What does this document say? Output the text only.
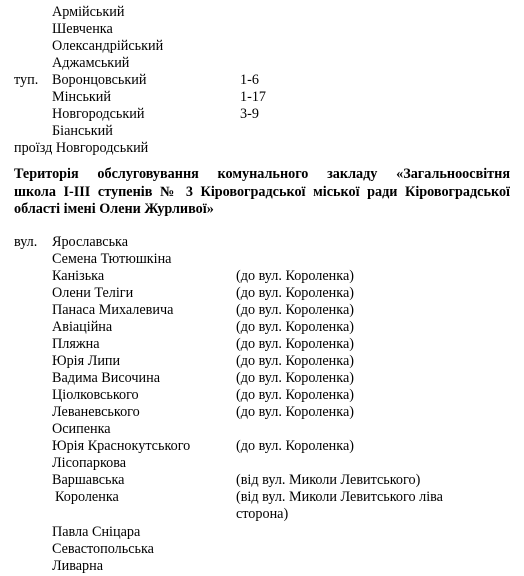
Армійський
Шевченка
Олександрійський
Аджамський
туп. Воронцовський	1-6
Мінський	1-17
Новгородський	3-9
Біанський
проїзд Новгородський
Територія обслуговування комунального закладу «Загальноосвітня
школа І-ІІІ ступенів № 3 Кіровоградської міської ради Кіровоградської
області імені Олени Журливої»
вул. Ярославська
Семена Тютюшкіна
Канізька	(до вул. Короленка)
Олени Теліги	(до вул. Короленка)
Панаса Михалевича	(до вул. Короленка)
Авіаційна	(до вул. Короленка)
Пляжна	(до вул. Короленка)
Юрія Липи	(до вул. Короленка)
Вадима Височина	(до вул. Короленка)
Ціолковського	(до вул. Короленка)
Леваневського	(до вул. Короленка)
Осипенка
Юрія Краснокутського	(до вул. Короленка)
Лісопаркова
Варшавська	(від вул. Миколи Левитського)
Короленка	(від вул. Миколи Левитського ліва
сторона)
Павла Сніцара
Севастопольська
Ливарна
